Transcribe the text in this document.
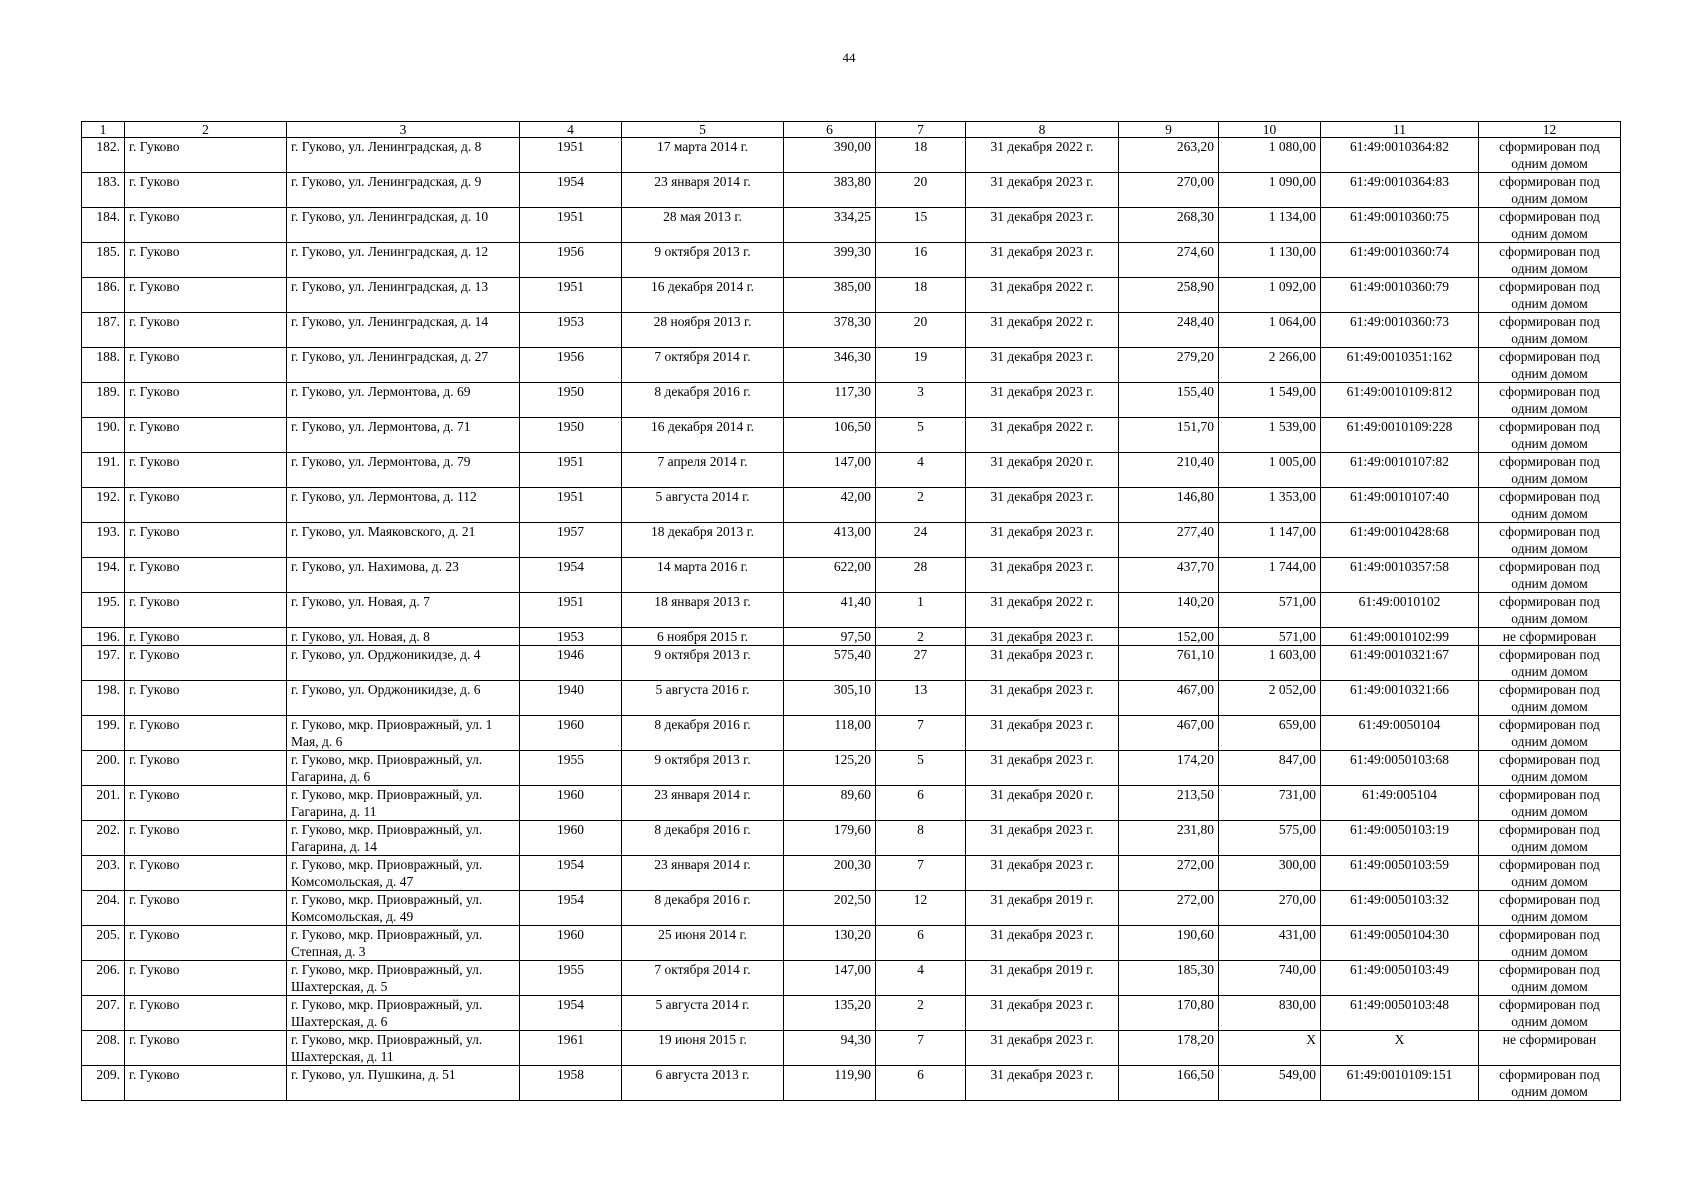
44
1	2	3	4	5	6	7	8	9	10	11	12
182.	г. Гуково	г. Гуково, ул. Ленинградская, д. 8	1951	17 марта 2014 г.	390,00	18	31 декабря 2022 г.	263,20	1 080,00	61:49:0010364:82	сформирован под одним домом
183.	г. Гуково	г. Гуково, ул. Ленинградская, д. 9	1954	23 января 2014 г.	383,80	20	31 декабря 2023 г.	270,00	1 090,00	61:49:0010364:83	сформирован под одним домом
184.	г. Гуково	г. Гуково, ул. Ленинградская, д. 10	1951	28 мая 2013 г.	334,25	15	31 декабря 2023 г.	268,30	1 134,00	61:49:0010360:75	сформирован под одним домом
185.	г. Гуково	г. Гуково, ул. Ленинградская, д. 12	1956	9 октября 2013 г.	399,30	16	31 декабря 2023 г.	274,60	1 130,00	61:49:0010360:74	сформирован под одним домом
186.	г. Гуково	г. Гуково, ул. Ленинградская, д. 13	1951	16 декабря 2014 г.	385,00	18	31 декабря 2022 г.	258,90	1 092,00	61:49:0010360:79	сформирован под одним домом
187.	г. Гуково	г. Гуково, ул. Ленинградская, д. 14	1953	28 ноября 2013 г.	378,30	20	31 декабря 2022 г.	248,40	1 064,00	61:49:0010360:73	сформирован под одним домом
188.	г. Гуково	г. Гуково, ул. Ленинградская, д. 27	1956	7 октября 2014 г.	346,30	19	31 декабря 2023 г.	279,20	2 266,00	61:49:0010351:162	сформирован под одним домом
189.	г. Гуково	г. Гуково, ул. Лермонтова, д. 69	1950	8 декабря 2016 г.	117,30	3	31 декабря 2023 г.	155,40	1 549,00	61:49:0010109:812	сформирован под одним домом
190.	г. Гуково	г. Гуково, ул. Лермонтова, д. 71	1950	16 декабря 2014 г.	106,50	5	31 декабря 2022 г.	151,70	1 539,00	61:49:0010109:228	сформирован под одним домом
191.	г. Гуково	г. Гуково, ул. Лермонтова, д. 79	1951	7 апреля 2014 г.	147,00	4	31 декабря 2020 г.	210,40	1 005,00	61:49:0010107:82	сформирован под одним домом
192.	г. Гуково	г. Гуково, ул. Лермонтова, д. 112	1951	5 августа 2014 г.	42,00	2	31 декабря 2023 г.	146,80	1 353,00	61:49:0010107:40	сформирован под одним домом
193.	г. Гуково	г. Гуково, ул. Маяковского, д. 21	1957	18 декабря 2013 г.	413,00	24	31 декабря 2023 г.	277,40	1 147,00	61:49:0010428:68	сформирован под одним домом
194.	г. Гуково	г. Гуково, ул. Нахимова, д. 23	1954	14 марта 2016 г.	622,00	28	31 декабря 2023 г.	437,70	1 744,00	61:49:0010357:58	сформирован под одним домом
195.	г. Гуково	г. Гуково, ул. Новая, д. 7	1951	18 января 2013 г.	41,40	1	31 декабря 2022 г.	140,20	571,00	61:49:0010102	сформирован под одним домом
196.	г. Гуково	г. Гуково, ул. Новая, д. 8	1953	6 ноября 2015 г.	97,50	2	31 декабря 2023 г.	152,00	571,00	61:49:0010102:99	не сформирован
197.	г. Гуково	г. Гуково, ул. Орджоникидзе, д. 4	1946	9 октября 2013 г.	575,40	27	31 декабря 2023 г.	761,10	1 603,00	61:49:0010321:67	сформирован под одним домом
198.	г. Гуково	г. Гуково, ул. Орджоникидзе, д. 6	1940	5 августа 2016 г.	305,10	13	31 декабря 2023 г.	467,00	2 052,00	61:49:0010321:66	сформирован под одним домом
199.	г. Гуково	г. Гуково, мкр. Приовражный, ул. 1 Мая, д. 6	1960	8 декабря 2016 г.	118,00	7	31 декабря 2023 г.	467,00	659,00	61:49:0050104	сформирован под одним домом
200.	г. Гуково	г. Гуково, мкр. Приовражный, ул. Гагарина, д. 6	1955	9 октября 2013 г.	125,20	5	31 декабря 2023 г.	174,20	847,00	61:49:0050103:68	сформирован под одним домом
201.	г. Гуково	г. Гуково, мкр. Приовражный, ул. Гагарина, д. 11	1960	23 января 2014 г.	89,60	6	31 декабря 2020 г.	213,50	731,00	61:49:005104	сформирован под одним домом
202.	г. Гуково	г. Гуково, мкр. Приовражный, ул. Гагарина, д. 14	1960	8 декабря 2016 г.	179,60	8	31 декабря 2023 г.	231,80	575,00	61:49:0050103:19	сформирован под одним домом
203.	г. Гуково	г. Гуково, мкр. Приовражный, ул. Комсомольская, д. 47	1954	23 января 2014 г.	200,30	7	31 декабря 2023 г.	272,00	300,00	61:49:0050103:59	сформирован под одним домом
204.	г. Гуково	г. Гуково, мкр. Приовражный, ул. Комсомольская, д. 49	1954	8 декабря 2016 г.	202,50	12	31 декабря 2019 г.	272,00	270,00	61:49:0050103:32	сформирован под одним домом
205.	г. Гуково	г. Гуково, мкр. Приовражный, ул. Степная, д. 3	1960	25 июня 2014 г.	130,20	6	31 декабря 2023 г.	190,60	431,00	61:49:0050104:30	сформирован под одним домом
206.	г. Гуково	г. Гуково, мкр. Приовражный, ул. Шахтерская, д. 5	1955	7 октября 2014 г.	147,00	4	31 декабря 2019 г.	185,30	740,00	61:49:0050103:49	сформирован под одним домом
207.	г. Гуково	г. Гуково, мкр. Приовражный, ул. Шахтерская, д. 6	1954	5 августа 2014 г.	135,20	2	31 декабря 2023 г.	170,80	830,00	61:49:0050103:48	сформирован под одним домом
208.	г. Гуково	г. Гуково, мкр. Приовражный, ул. Шахтерская, д. 11	1961	19 июня 2015 г.	94,30	7	31 декабря 2023 г.	178,20	Х	Х	не сформирован
209.	г. Гуково	г. Гуково, ул. Пушкина, д. 51	1958	6 августа 2013 г.	119,90	6	31 декабря 2023 г.	166,50	549,00	61:49:0010109:151	сформирован под одним домом
